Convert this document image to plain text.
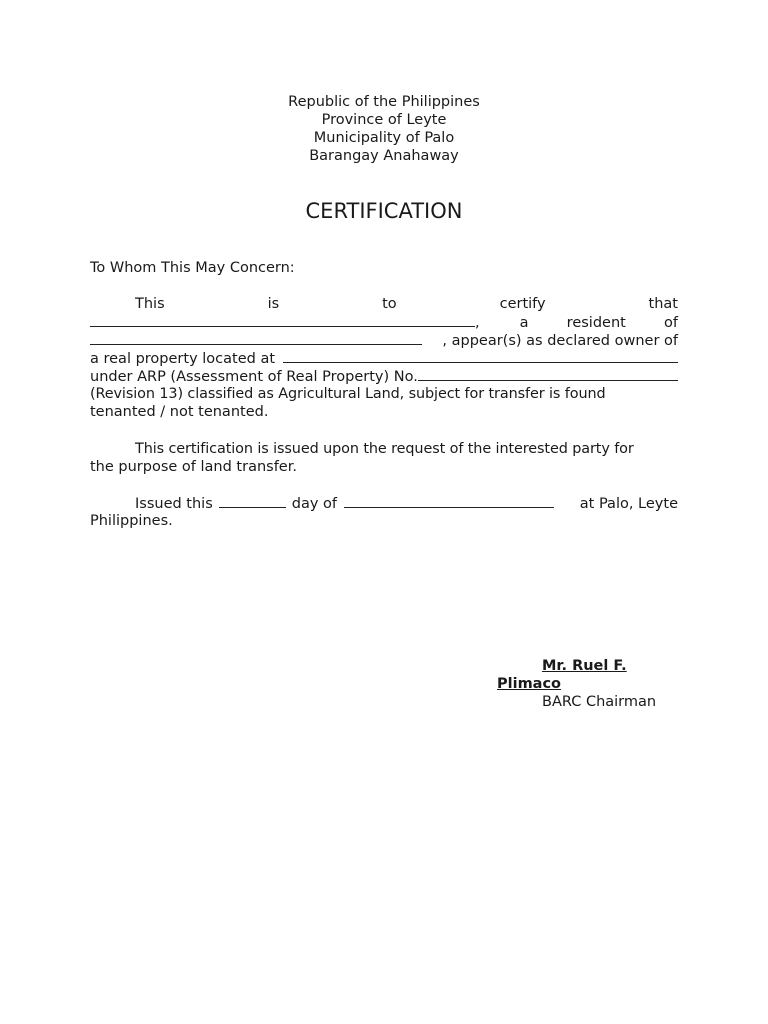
Republic of the Philippines
Province of Leyte
Municipality of Palo
Barangay Anahaway
CERTIFICATION
To Whom This May Concern:
This	is	to	certify	that
,	a	resident	of
, appear(s) as declared owner of
a real property located at
under ARP (Assessment of Real Property) No.
(Revision 13) classified as Agricultural Land, subject for transfer is found
tenanted / not tenanted.
This certification is issued upon the request of the interested party for
the purpose of land transfer.
Issued this	day of	at Palo, Leyte
Philippines.
Mr. Ruel F.
Plimaco
BARC Chairman
